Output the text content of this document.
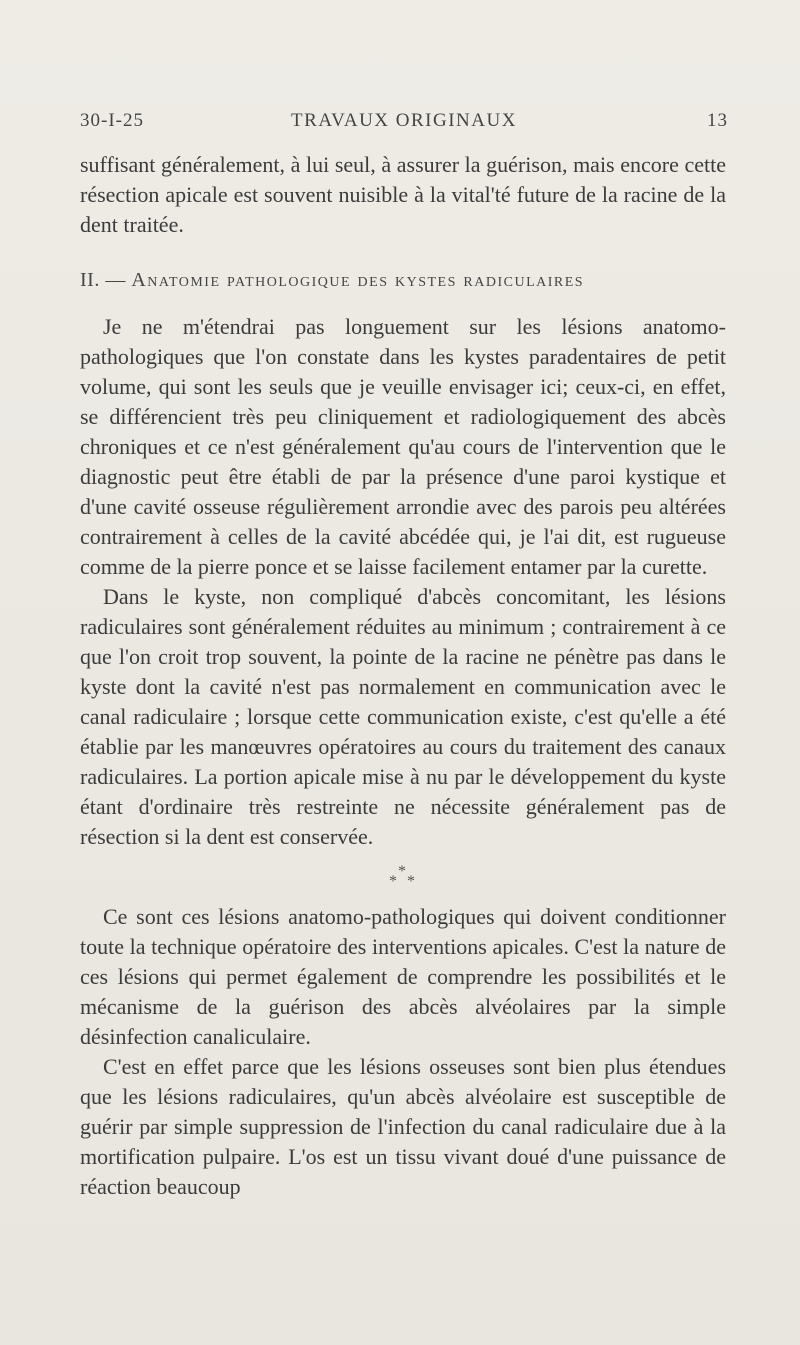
30-I-25	TRAVAUX ORIGINAUX	13

suffisant généralement, à lui seul, à assurer la guérison, mais encore cette résection apicale est souvent nuisible à la vital'té future de la racine de la dent traitée.

II. — Anatomie pathologique des kystes radiculaires

Je ne m'étendrai pas longuement sur les lésions anatomo-pathologiques que l'on constate dans les kystes paradentaires de petit volume, qui sont les seuls que je veuille envisager ici; ceux-ci, en effet, se différencient très peu cliniquement et radiologiquement des abcès chroniques et ce n'est généralement qu'au cours de l'intervention que le diagnostic peut être établi de par la présence d'une paroi kystique et d'une cavité osseuse régulièrement arrondie avec des parois peu altérées contrairement à celles de la cavité abcédée qui, je l'ai dit, est rugueuse comme de la pierre ponce et se laisse facilement entamer par la curette.

Dans le kyste, non compliqué d'abcès concomitant, les lésions radiculaires sont généralement réduites au minimum ; contrairement à ce que l'on croit trop souvent, la pointe de la racine ne pénètre pas dans le kyste dont la cavité n'est pas normalement en communication avec le canal radiculaire ; lorsque cette communication existe, c'est qu'elle a été établie par les manœuvres opératoires au cours du traitement des canaux radiculaires. La portion apicale mise à nu par le développement du kyste étant d'ordinaire très restreinte ne nécessite généralement pas de résection si la dent est conservée.

*
* *

Ce sont ces lésions anatomo-pathologiques qui doivent conditionner toute la technique opératoire des interventions apicales. C'est la nature de ces lésions qui permet également de comprendre les possibilités et le mécanisme de la guérison des abcès alvéolaires par la simple désinfection canaliculaire.

C'est en effet parce que les lésions osseuses sont bien plus étendues que les lésions radiculaires, qu'un abcès alvéolaire est susceptible de guérir par simple suppression de l'infection du canal radiculaire due à la mortification pulpaire. L'os est un tissu vivant doué d'une puissance de réaction beaucoup
